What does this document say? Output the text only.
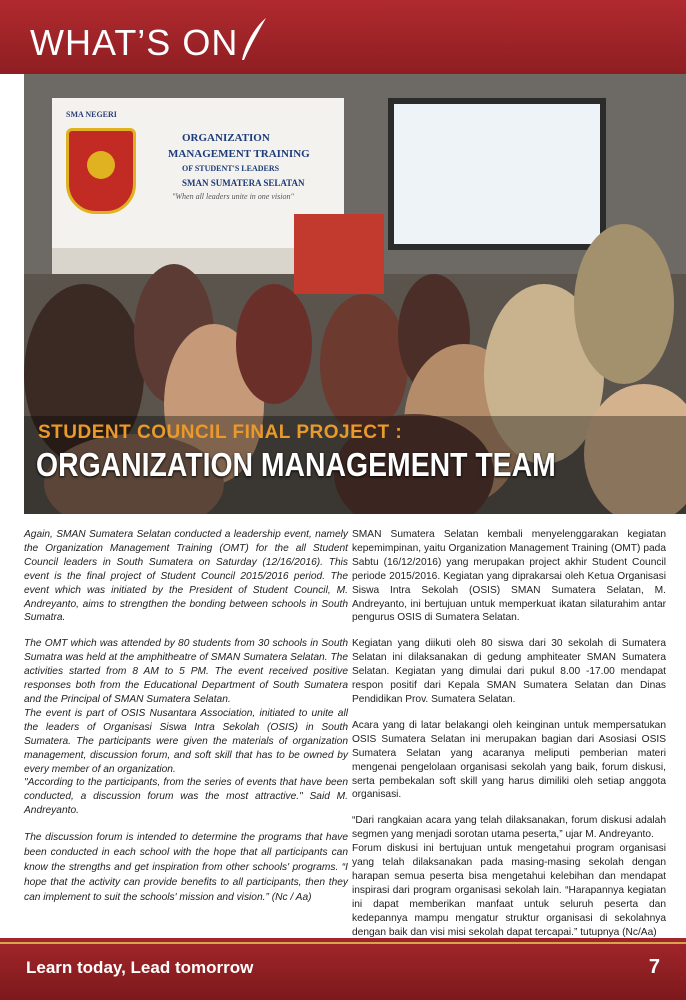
WHAT’S ON
SMA NEGERI
ORGANIZATION
MANAGEMENT TRAINING
OF STUDENT'S LEADERS
SMAN SUMATERA SELATAN
"When all leaders unite in one vision"
STUDENT COUNCIL FINAL PROJECT :
ORGANIZATION MANAGEMENT TEAM

Again, SMAN Sumatera Selatan conducted a leadership event, namely the Organization Management Training (OMT) for the all Student Council leaders in South Sumatera on Saturday (12/16/2016). This event is the final project of Student Council 2015/2016 period. The event which was initiated by the President of Student Council, M. Andreyanto, aims to strengthen the bonding between schools in South Sumatra.

The OMT which was attended by 80 students from 30 schools in South Sumatra was held at the amphitheatre of SMAN Sumatera Selatan. The activities started from 8 AM to 5 PM. The event received positive responses both from the Educational Department of South Sumatera and the Principal of SMAN Sumatera Selatan.

The event is part of OSIS Nusantara Association, initiated to unite all the leaders of Organisasi Siswa Intra Sekolah (OSIS) in South Sumatera. The participants were given the materials of organization management, discussion forum, and soft skill that has to be owned by every member of an organization.

"According to the participants, from the series of events that have been conducted, a discussion forum was the most attractive." Said M. Andreyanto.

The discussion forum is intended to determine the programs that have been conducted in each school with the hope that all participants can know the strengths and get inspiration from other schools' programs. “I hope that the activity can provide benefits to all participants, then they can implement to suit the schools' mission and vision.” (Nc / Aa)

SMAN Sumatera Selatan kembali menyelenggarakan kegiatan kepemimpinan, yaitu Organization Management Training (OMT) pada Sabtu (16/12/2016) yang merupakan project akhir Student Council periode 2015/2016. Kegiatan yang diprakarsai oleh Ketua Organisasi Siswa Intra Sekolah (OSIS) SMAN Sumatera Selatan, M. Andreyanto, ini bertujuan untuk memperkuat ikatan silaturahim antar pengurus OSIS di Sumatera Selatan.

Kegiatan yang diikuti oleh 80 siswa dari 30 sekolah di Sumatera Selatan ini dilaksanakan di gedung amphiteater SMAN Sumatera Selatan. Kegiatan yang dimulai dari pukul 8.00 -17.00 mendapat respon positif dari Kepala SMAN Sumatera Selatan dan Dinas Pendidikan Prov. Sumatera Selatan.

Acara yang di latar belakangi oleh keinginan untuk mempersatukan OSIS Sumatera Selatan ini merupakan bagian dari Asosiasi OSIS Sumatera Selatan yang acaranya meliputi pemberian materi mengenai pengelolaan organisasi sekolah yang baik, forum diskusi, serta pembekalan soft skill yang harus dimiliki oleh setiap anggota organisasi.

“Dari rangkaian acara yang telah dilaksanakan, forum diskusi adalah segmen yang menjadi sorotan utama peserta,” ujar M. Andreyanto.

Forum diskusi ini bertujuan untuk mengetahui program organisasi yang telah dilaksanakan pada masing-masing sekolah dengan harapan semua peserta bisa mengetahui kelebihan dan mendapat inspirasi dari program organisasi sekolah lain. “Harapannya kegiatan ini dapat memberikan manfaat untuk seluruh peserta dan kedepannya mampu mengatur struktur organisasi di sekolahnya dengan baik dan visi misi sekolah dapat tercapai.” tutupnya (Nc/Aa)

Learn today, Lead tomorrow	7
